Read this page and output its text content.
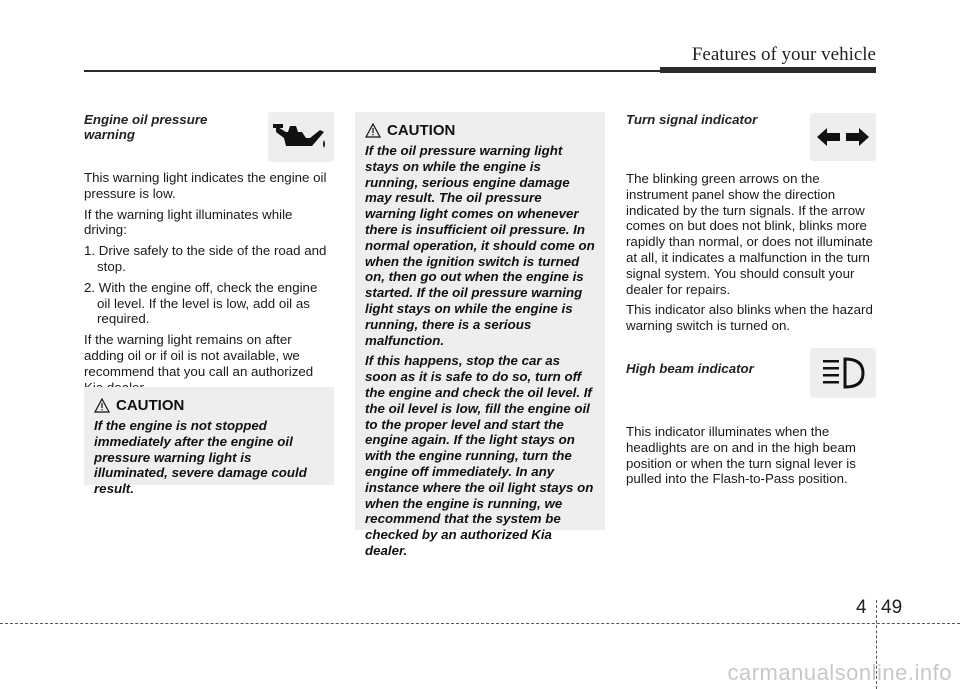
Features of your vehicle
Engine oil pressure warning

This warning light indicates the engine oil pressure is low.

If the warning light illuminates while driving:

1. Drive safely to the side of the road and stop.
2. With the engine off, check the engine oil level. If the level is low, add oil as required.

If the warning light remains on after adding oil or if oil is not available, we recommend that you call an authorized

CAUTION
If the engine is not stopped immediately after the engine oil pressure warning light is illuminated, severe damage could result.
CAUTION

If the oil pressure warning light stays on while the engine is running, serious engine damage may result. The oil pressure warning light comes on whenever there is insufficient oil pressure. In normal operation, it should come on when the ignition switch is turned on, then go out when the engine is started. If the oil pressure warning light stays on while the engine is running, there is a serious malfunction.

If this happens, stop the car as soon as it is safe to do so, turn off the engine and check the oil level. If the oil level is low, fill the engine oil to the proper level and start the engine again. If the light stays on with the engine running, turn the engine off immediately. In any instance where the oil light stays on when the engine is running, we recommend that the system be checked by an authorized Kia dealer.

Turn signal indicator

The blinking green arrows on the instrument panel show the direction indicated by the turn signals. If the arrow comes on but does not blink, blinks more rapidly than normal, or does not illuminate at all, it indicates a malfunction in the turn signal system. You should consult your dealer for repairs.

This indicator also blinks when the hazard warning switch is turned on.

High beam indicator

This indicator illuminates when the headlights are on and in the high beam position or when the turn signal lever is pulled into the Flash-to-Pass position.

4 49
carmanualsonline.info
